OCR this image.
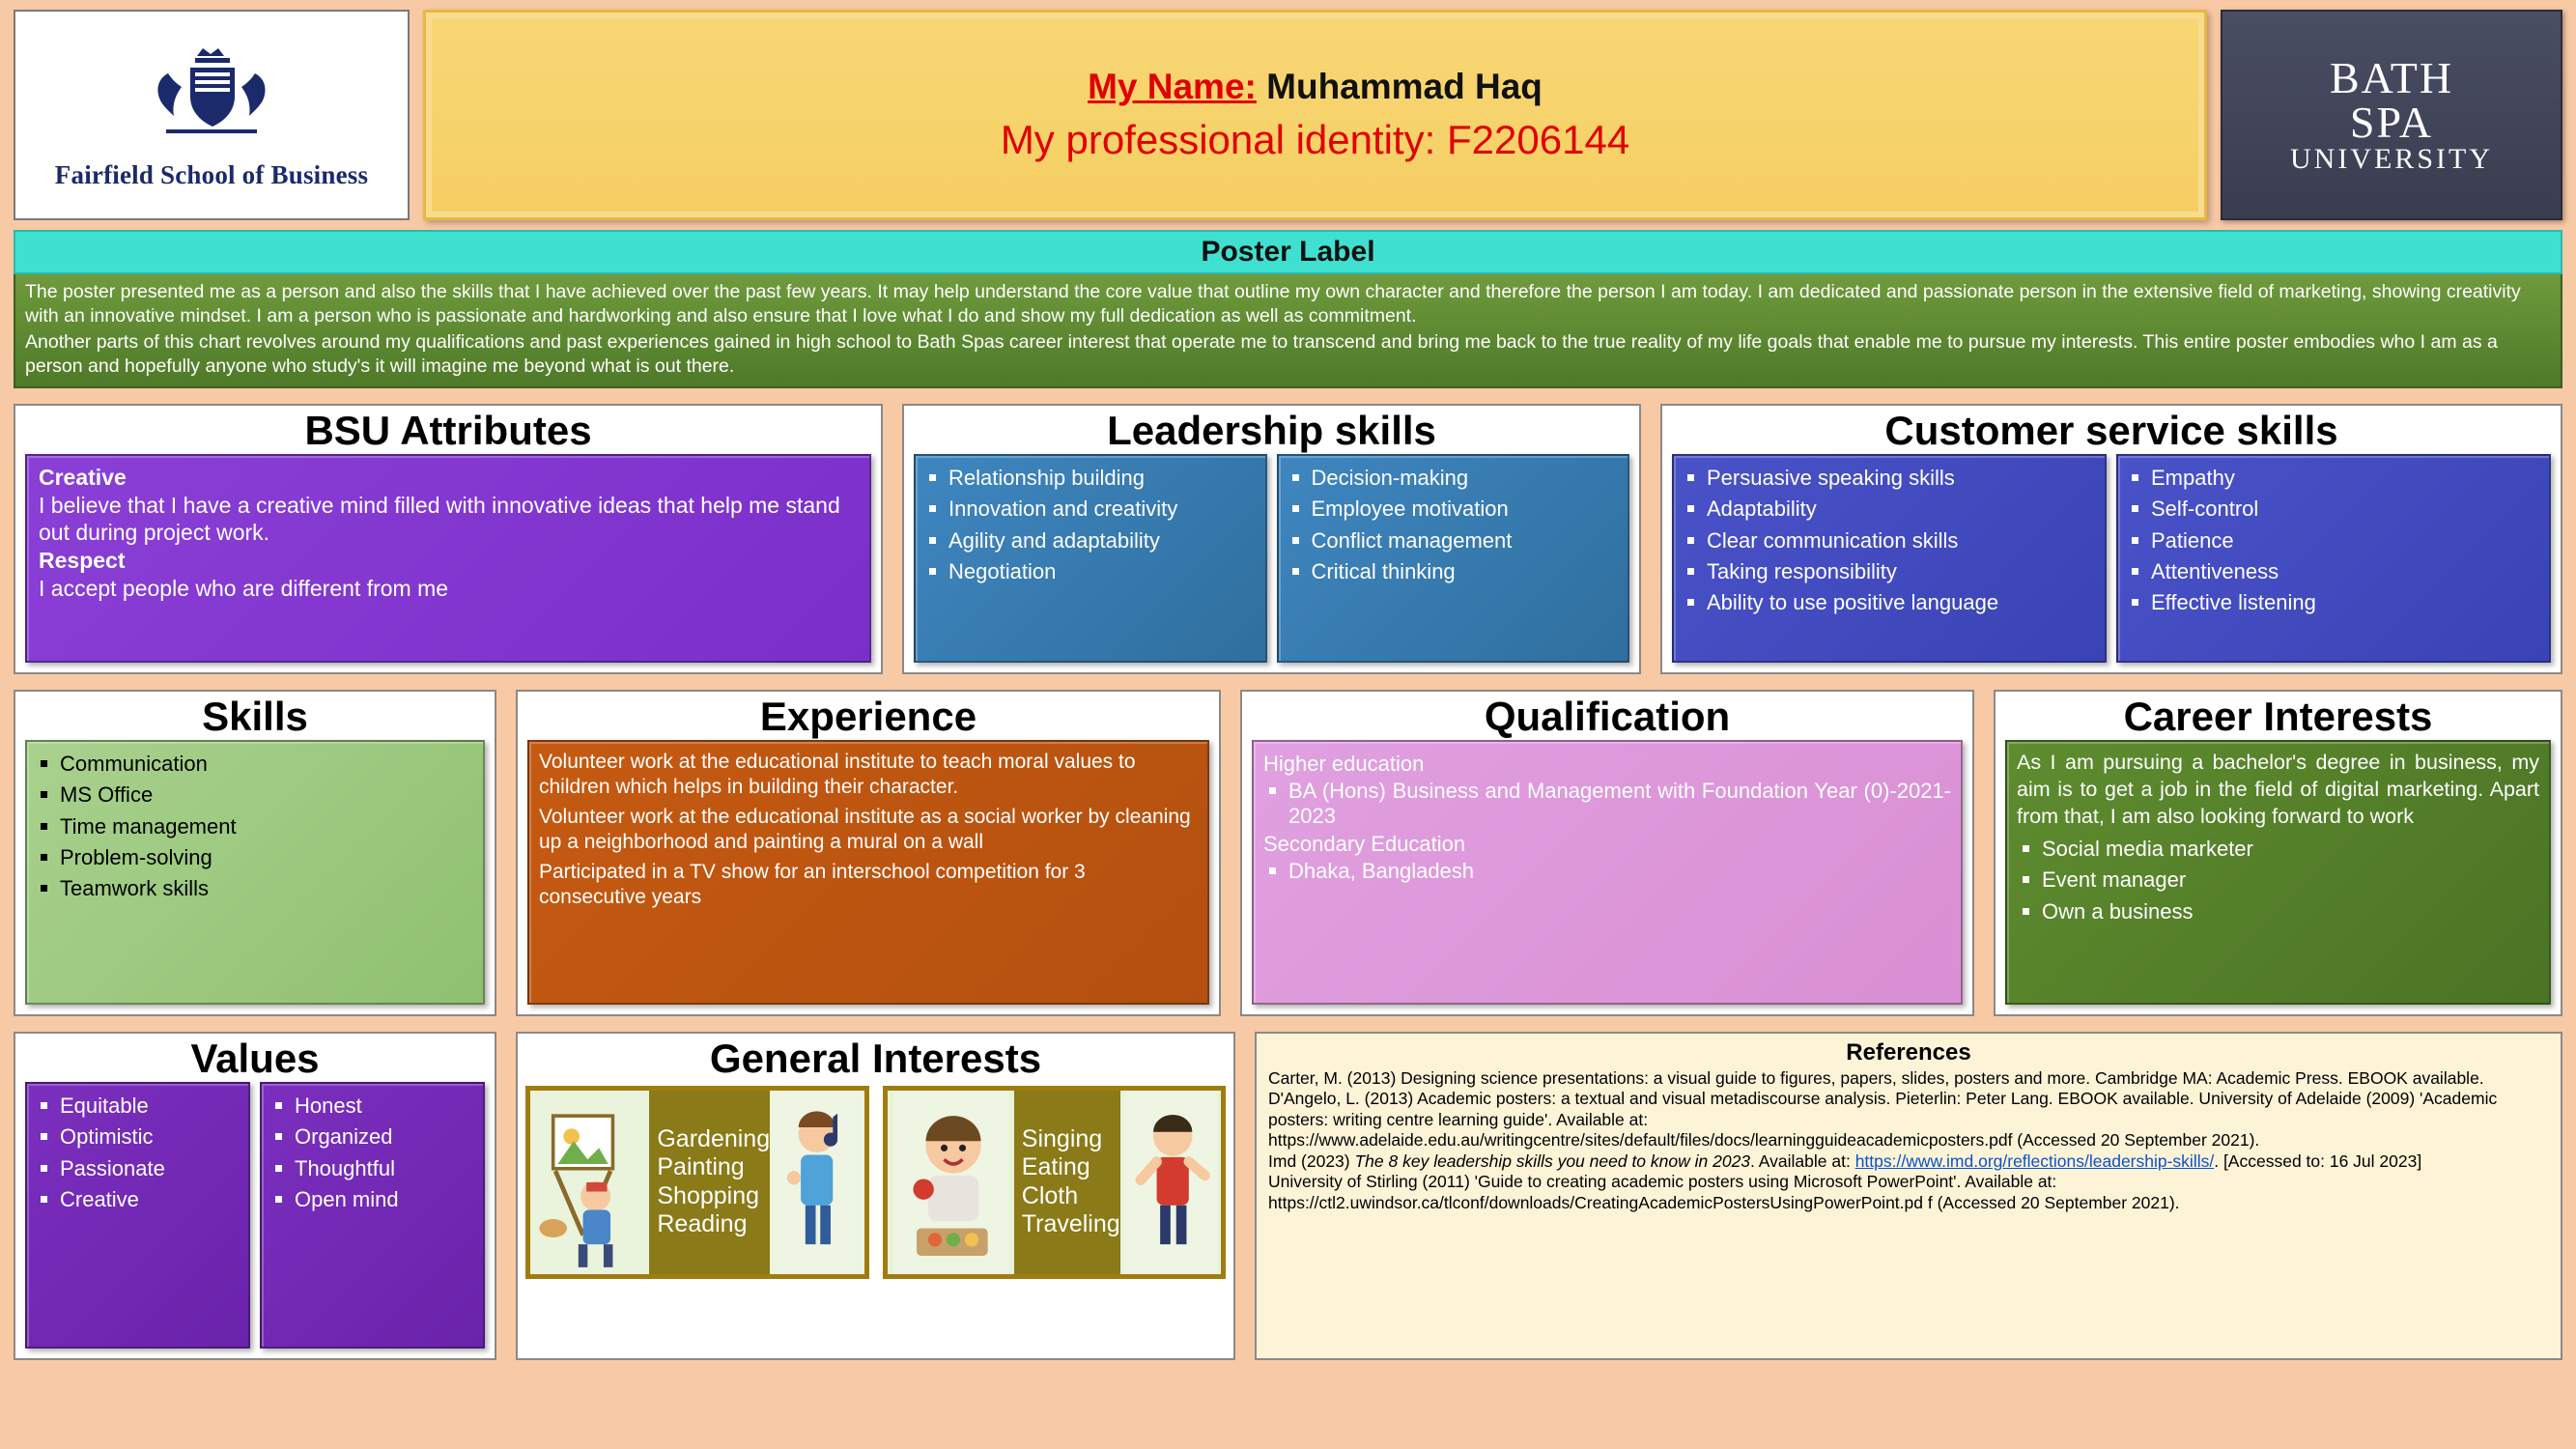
Fairfield School of Business
My Name: Muhammad Haq
My professional identity: F2206144
BATH
SPA
UNIVERSITY
Poster Label

The poster presented me as a person and also the skills that I have achieved over the past few years. It may help understand the core value that outline my own character and therefore the person I am today. I am dedicated and passionate person in the extensive field of marketing, showing creativity with an innovative mindset. I am a person who is passionate and hardworking and also ensure that I love what I do and show my full dedication as well as commitment.

Another parts of this chart revolves around my qualifications and past experiences gained in high school to Bath Spas career interest that operate me to transcend and bring me back to the true reality of my life goals that enable me to pursue my interests. This entire poster embodies who I am as a person and hopefully anyone who study's it will imagine me beyond what is out there.

BSU Attributes
Creative
I believe that I have a creative mind filled with innovative ideas that help me stand out during project work.
Respect
I accept people who are different from me
Leadership skills
Relationship building
Innovation and creativity
Agility and adaptability
Negotiation
Decision-making
Employee motivation
Conflict management
Critical thinking
Customer service skills
Persuasive speaking skills
Adaptability
Clear communication skills
Taking responsibility
Ability to use positive language
Empathy
Self-control
Patience
Attentiveness
Effective listening
Skills
Communication
MS Office
Time management
Problem-solving
Teamwork skills
Experience

Volunteer work at the educational institute to teach moral values to children which helps in building their character.

Volunteer work at the educational institute as a social worker by cleaning up a neighborhood and painting a mural on a wall

Participated in a TV show for an interschool competition for 3 consecutive years

Qualification
Higher education
BA (Hons) Business and Management with Foundation Year (0)-2021-2023
Secondary Education
Dhaka, Bangladesh
Career Interests
As I am pursuing a bachelor's degree in business, my aim is to get a job in the field of digital marketing. Apart from that, I am also looking forward to work
Social media marketer
Event manager
Own a business
Values
Equitable
Optimistic
Passionate
Creative
Honest
Organized
Thoughtful
Open mind
General Interests
Gardening
Painting
Shopping
Reading
Singing
Eating
Cloth
Traveling
References

Carter, M. (2013) Designing science presentations: a visual guide to figures, papers, slides, posters and more. Cambridge MA: Academic Press. EBOOK available.

D'Angelo, L. (2013) Academic posters: a textual and visual metadiscourse analysis. Pieterlin: Peter Lang. EBOOK available. University of Adelaide (2009) 'Academic posters: writing centre learning guide'. Available at:

https://www.adelaide.edu.au/writingcentre/sites/default/files/docs/learningguideacademicposters.pdf (Accessed 20 September 2021).

Imd (2023) The 8 key leadership skills you need to know in 2023. Available at: https://www.imd.org/reflections/leadership-skills/. [Accessed to: 16 Jul 2023]

University of Stirling (2011) 'Guide to creating academic posters using Microsoft PowerPoint'. Available at:

https://ctl2.uwindsor.ca/tlconf/downloads/CreatingAcademicPostersUsingPowerPoint.pd f (Accessed 20 September 2021).
